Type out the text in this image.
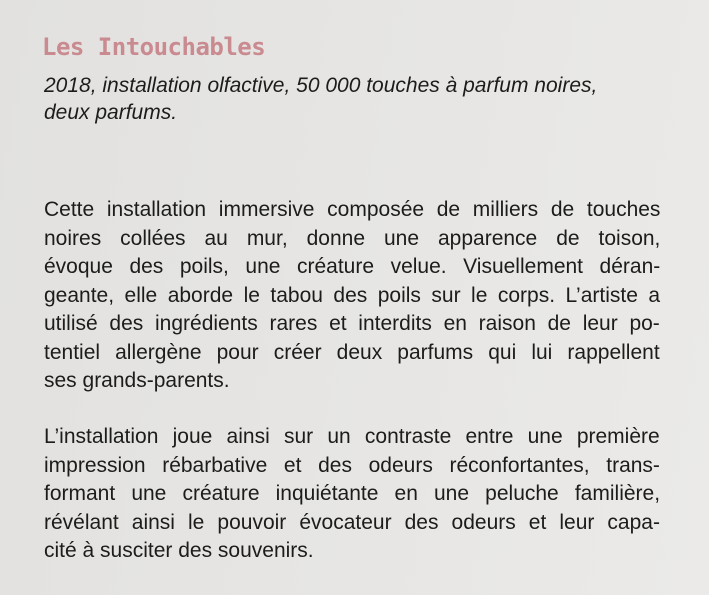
Les Intouchables

2018, installation olfactive, 50 000 touches à parfum noires,
deux parfums.

Cette installation immersive composée de milliers de touches
noires collées au mur, donne une apparence de toison,
évoque des poils, une créature velue. Visuellement déran-
geante, elle aborde le tabou des poils sur le corps. L’artiste a
utilisé des ingrédients rares et interdits en raison de leur po-
tentiel allergène pour créer deux parfums qui lui rappellent
ses grands-parents.

L’installation joue ainsi sur un contraste entre une première
impression rébarbative et des odeurs réconfortantes, trans-
formant une créature inquiétante en une peluche familière,
révélant ainsi le pouvoir évocateur des odeurs et leur capa-
cité à susciter des souvenirs.
